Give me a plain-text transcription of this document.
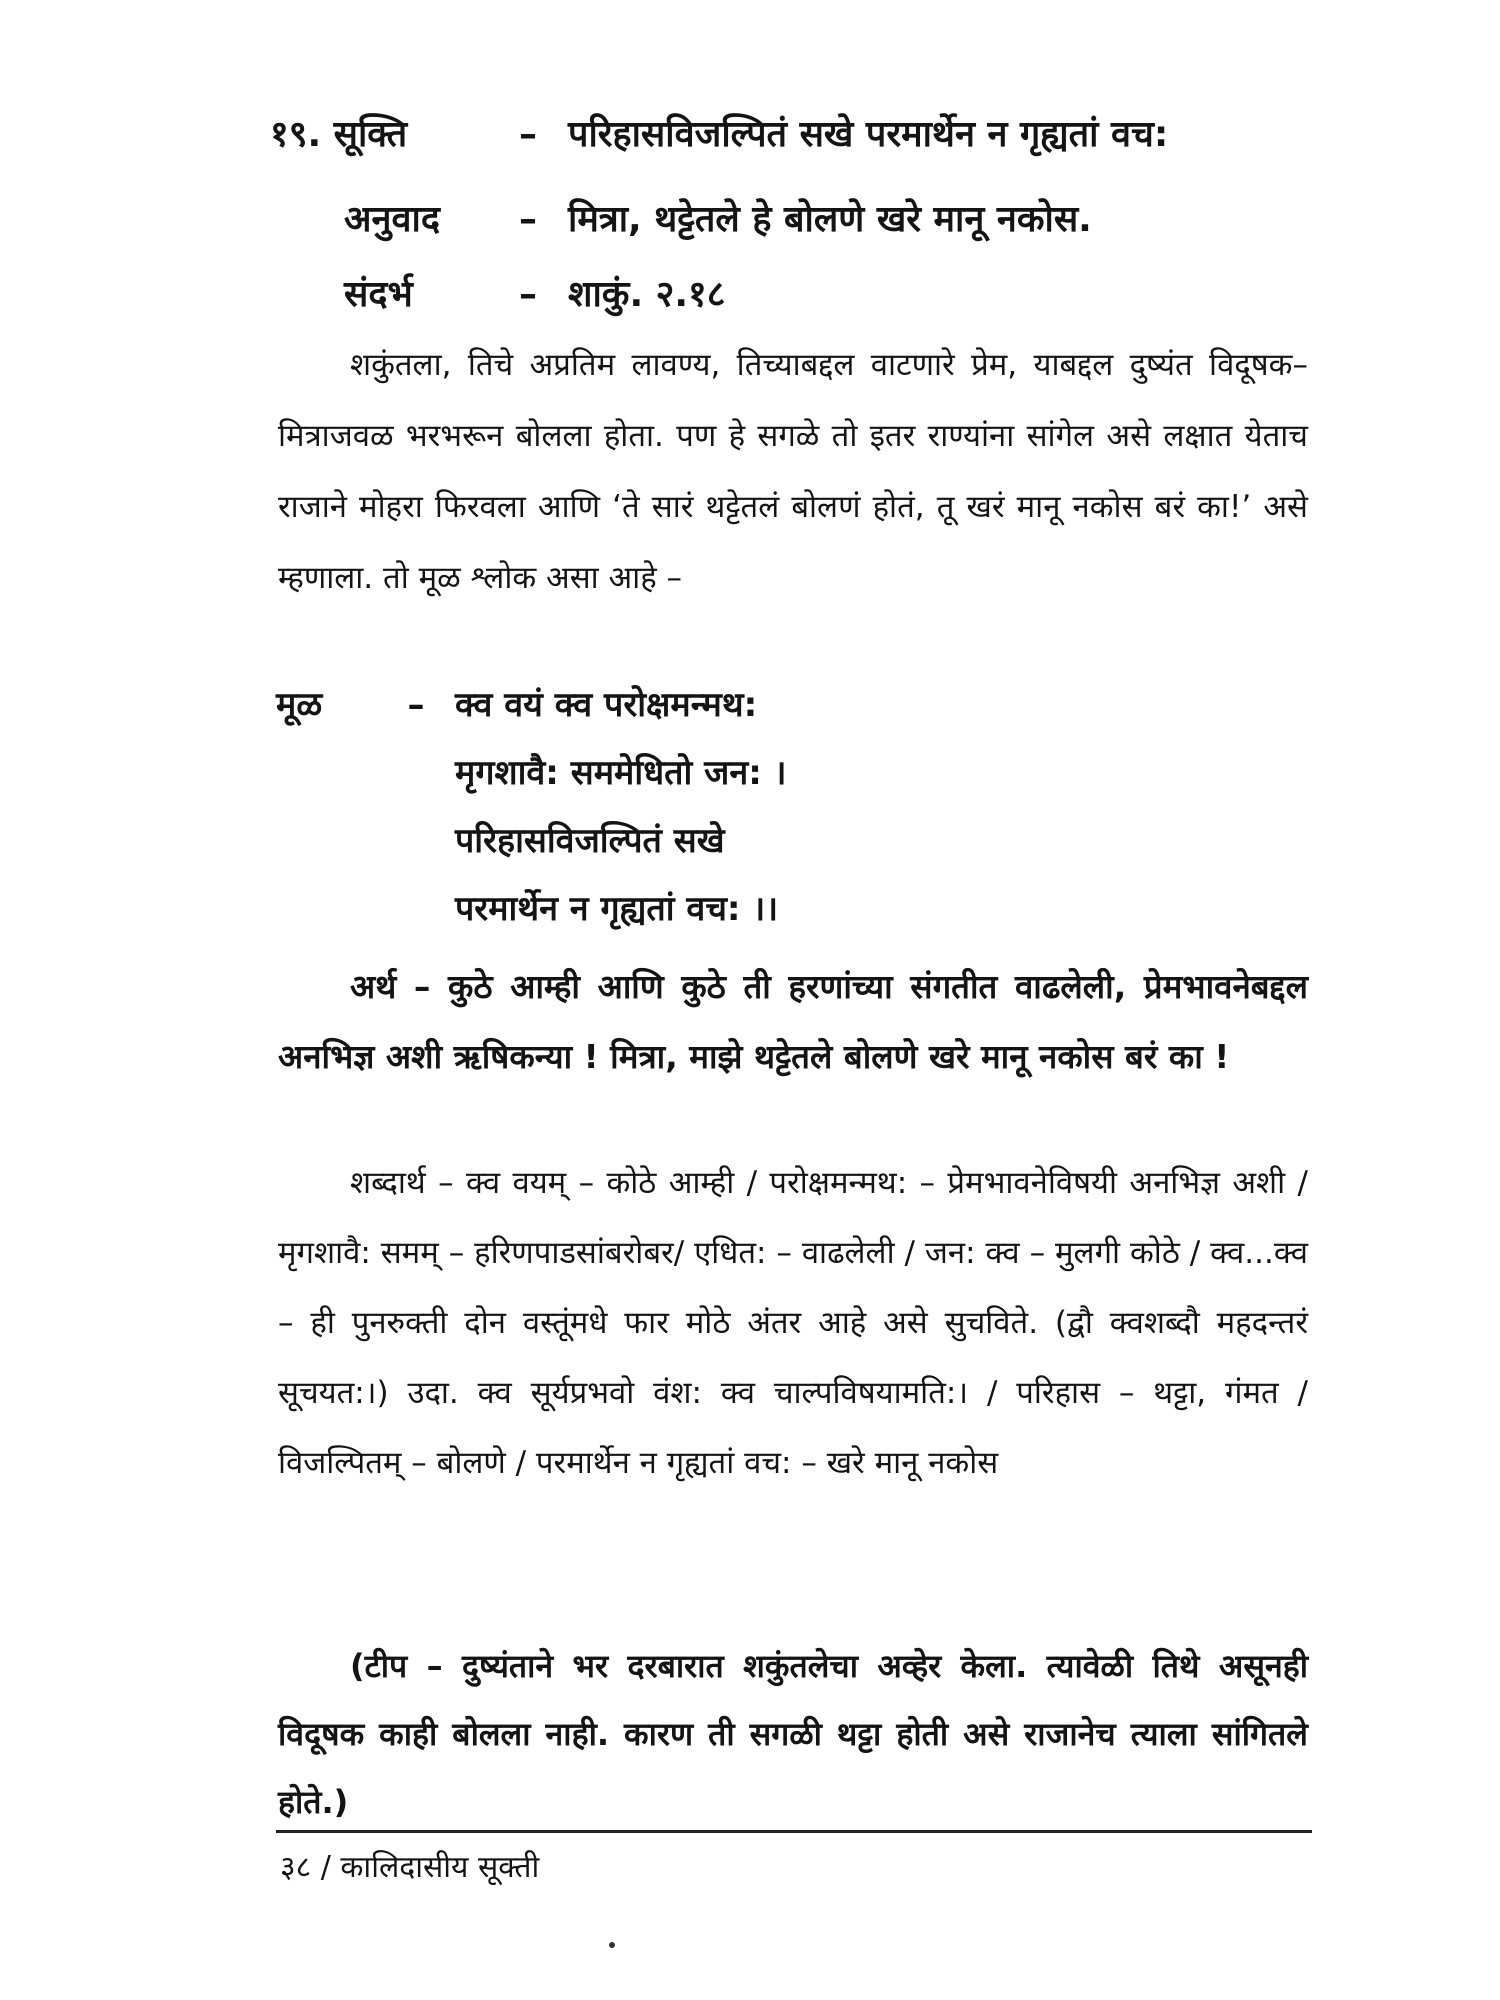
१९. सूक्ति	– परिहासविजल्पितं सखे परमार्थेन न गृह्यतां वच:
अनुवाद	– मित्रा, थट्टेतले हे बोलणे खरे मानू नकोस.
संदर्भ	– शाकुं. २.१८
शकुंतला, तिचे अप्रतिम लावण्य, तिच्याबद्दल वाटणारे प्रेम, याबद्दल दुष्यंत विदूषक–मित्राजवळ भरभरून बोलला होता. पण हे सगळे तो इतर राण्यांना सांगेल असे लक्षात येताच राजाने मोहरा फिरवला आणि ‘ते सारं थट्टेतलं बोलणं होतं, तू खरं मानू नकोस बरं का!’ असे म्हणाला. तो मूळ श्लोक असा आहे –
मूळ	– क्व वयं क्व परोक्षमन्मथ:
मृगशावै: सममेधितो जन: ।
परिहासविजल्पितं सखे
परमार्थेन न गृह्यतां वच: ।।
अर्थ – कुठे आम्ही आणि कुठे ती हरणांच्या संगतीत वाढलेली, प्रेमभावनेबद्दल अनभिज्ञ अशी ऋषिकन्या ! मित्रा, माझे थट्टेतले बोलणे खरे मानू नकोस बरं का !
शब्दार्थ – क्व वयम् – कोठे आम्ही / परोक्षमन्मथ: – प्रेमभावनेविषयी अनभिज्ञ अशी / मृगशावै: समम् – हरिणपाडसांबरोबर/ एधित: – वाढलेली / जन: क्व – मुलगी कोठे / क्व...क्व – ही पुनरुक्ती दोन वस्तूंमधे फार मोठे अंतर आहे असे सुचविते. (द्वौ क्वशब्दौ महदन्तरं सूचयत:।) उदा. क्व सूर्यप्रभवो वंश: क्व चाल्पविषयामति:। / परिहास – थट्टा, गंमत / विजल्पितम् – बोलणे / परमार्थेन न गृह्यतां वच: – खरे मानू नकोस
(टीप – दुष्यंताने भर दरबारात शकुंतलेचा अव्हेर केला. त्यावेळी तिथे असूनही विदूषक काही बोलला नाही. कारण ती सगळी थट्टा होती असे राजानेच त्याला सांगितले होते.)
३८ / कालिदासीय सूक्ती
